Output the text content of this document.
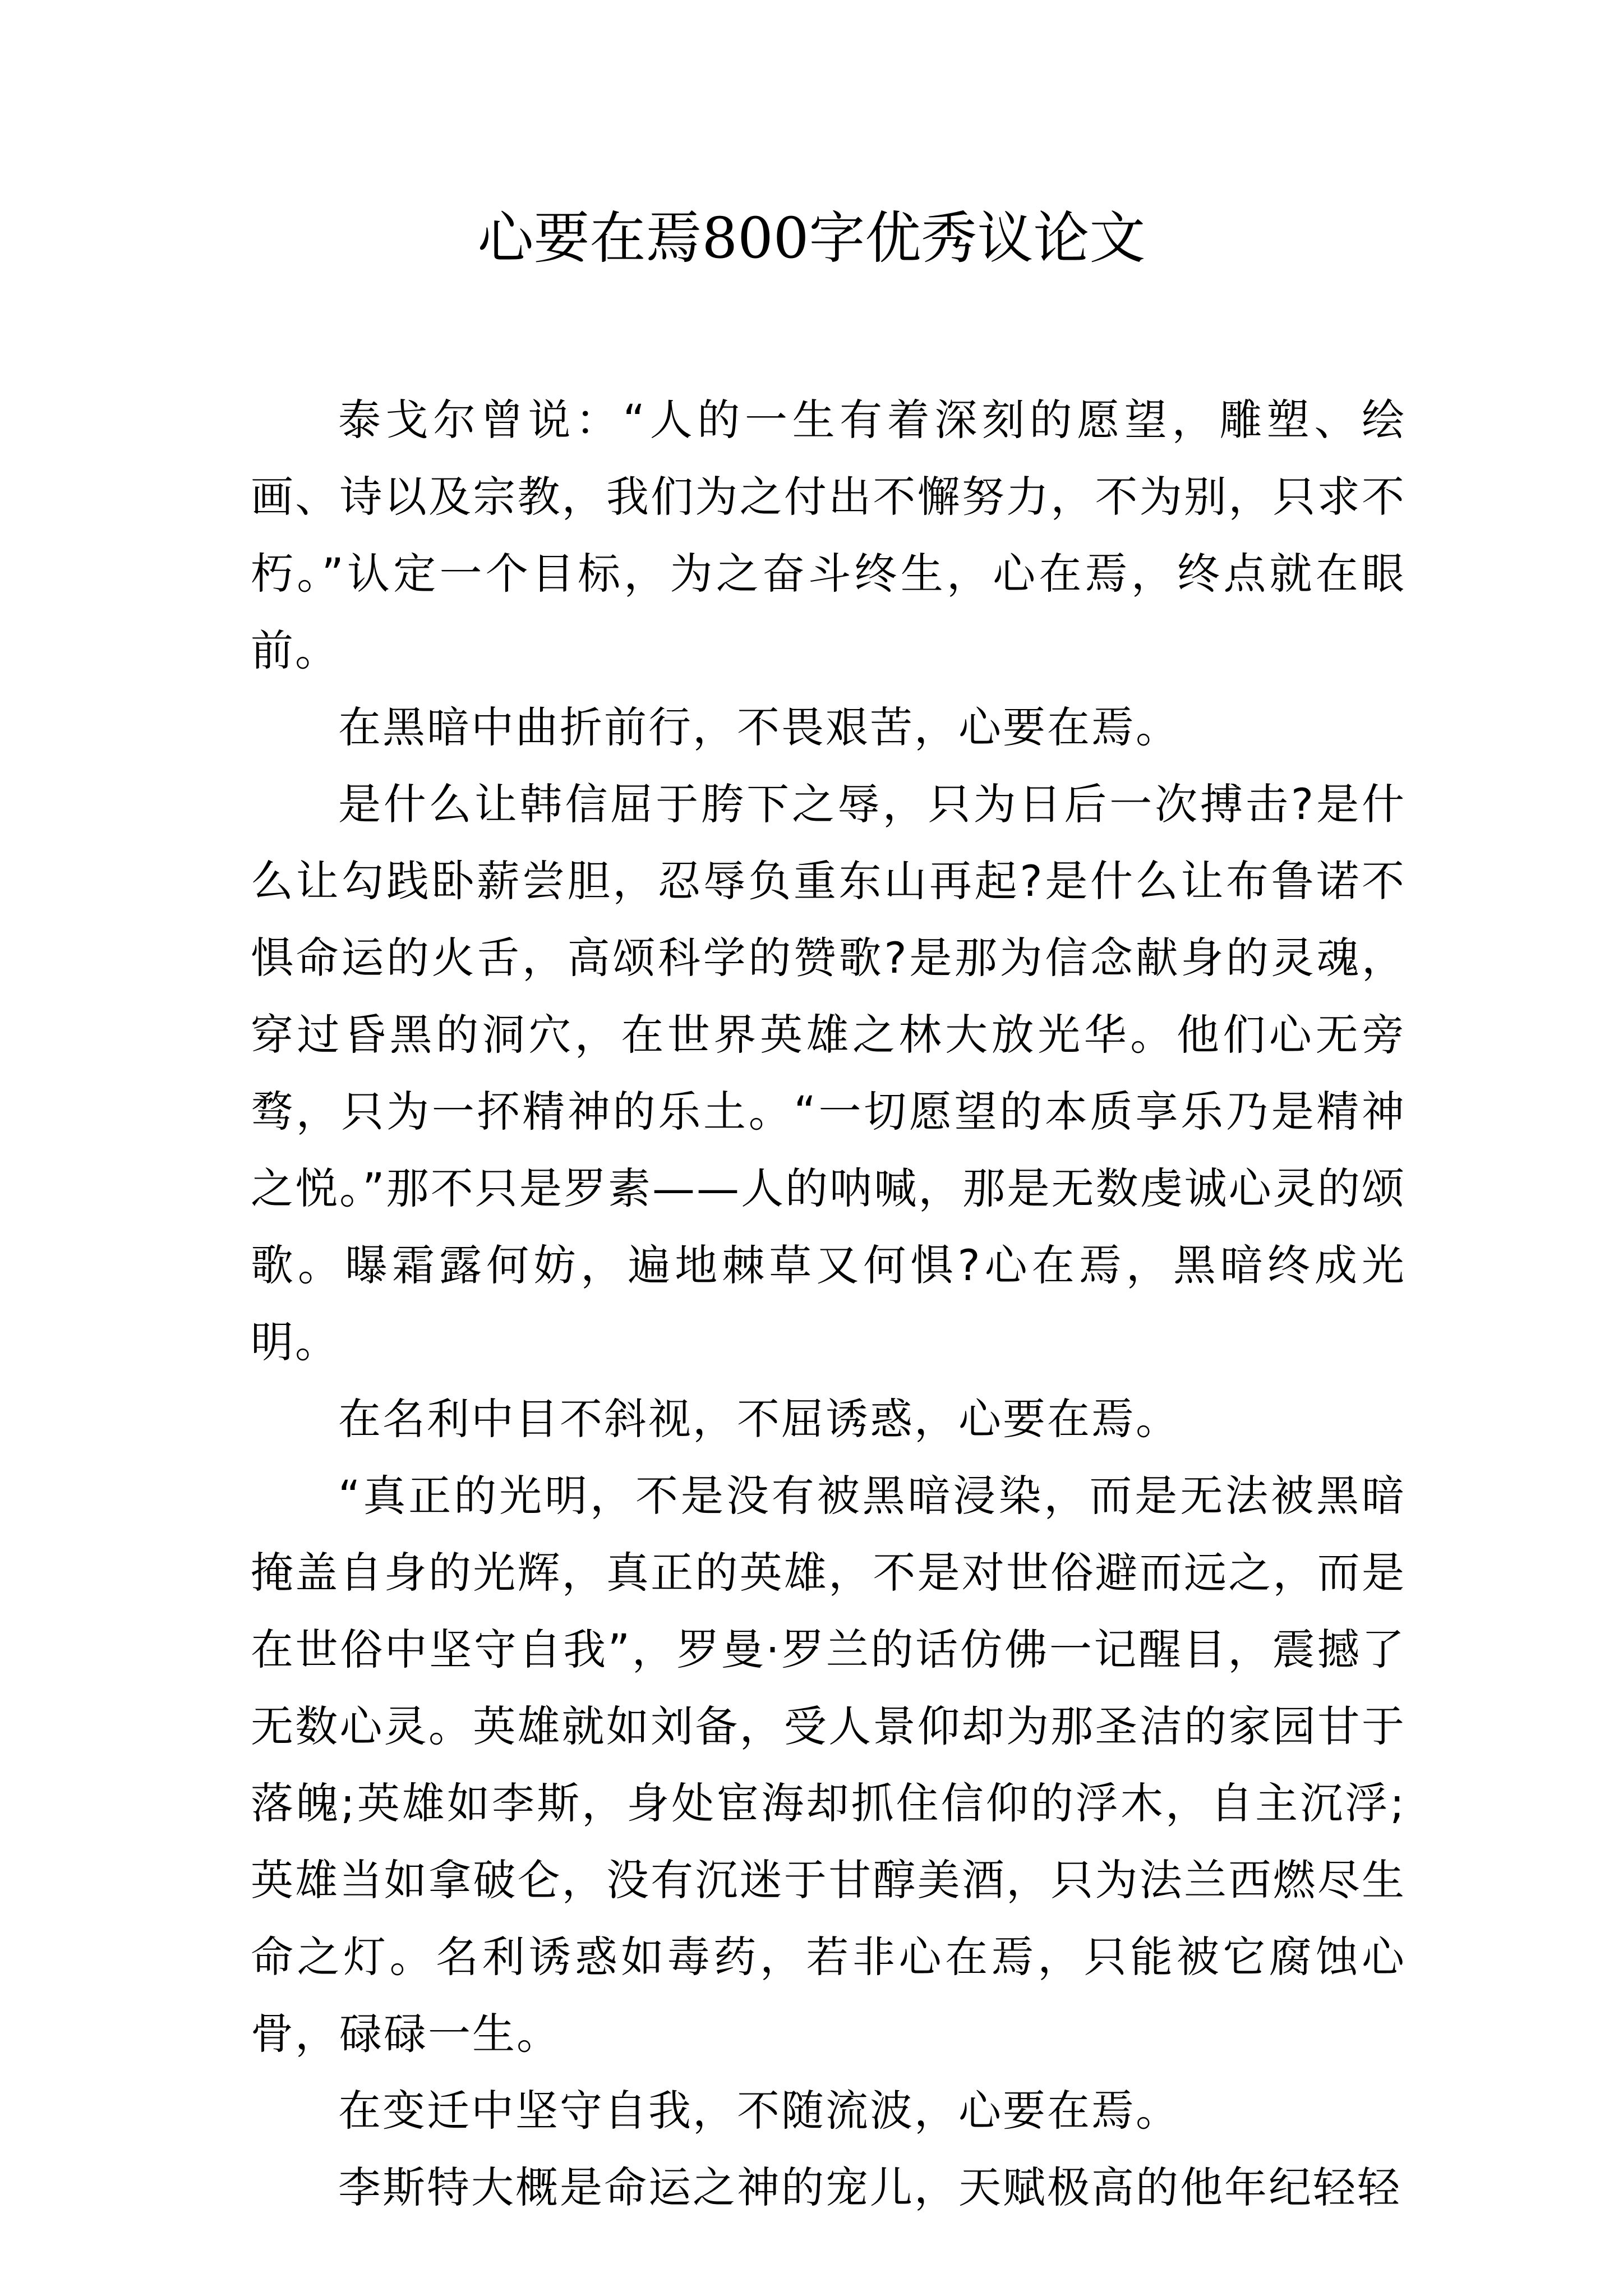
心要在焉800字优秀议论文

泰戈尔曾说：“人的一生有着深刻的愿望，雕塑、绘画、诗以及宗教，我们为之付出不懈努力，不为别，只求不朽。”认定一个目标，为之奋斗终生，心在焉，终点就在眼前。

在黑暗中曲折前行，不畏艰苦，心要在焉。

是什么让韩信屈于胯下之辱，只为日后一次搏击?是什么让勾践卧薪尝胆，忍辱负重东山再起?是什么让布鲁诺不惧命运的火舌，高颂科学的赞歌?是那为信念献身的灵魂，穿过昏黑的洞穴，在世界英雄之林大放光华。他们心无旁骛，只为一抔精神的乐土。“一切愿望的本质享乐乃是精神之悦。”那不只是罗素——人的呐喊，那是无数虔诚心灵的颂歌。曝霜露何妨，遍地棘草又何惧?心在焉，黑暗终成光明。

在名利中目不斜视，不屈诱惑，心要在焉。

“真正的光明，不是没有被黑暗浸染，而是无法被黑暗掩盖自身的光辉，真正的英雄，不是对世俗避而远之，而是在世俗中坚守自我”，罗曼·罗兰的话仿佛一记醒目，震撼了无数心灵。英雄就如刘备，受人景仰却为那圣洁的家园甘于落魄;英雄如李斯，身处宦海却抓住信仰的浮木，自主沉浮;英雄当如拿破仑，没有沉迷于甘醇美酒，只为法兰西燃尽生命之灯。名利诱惑如毒药，若非心在焉，只能被它腐蚀心骨，碌碌一生。

在变迁中坚守自我，不随流波，心要在焉。

李斯特大概是命运之神的宠儿，天赋极高的他年纪轻轻
